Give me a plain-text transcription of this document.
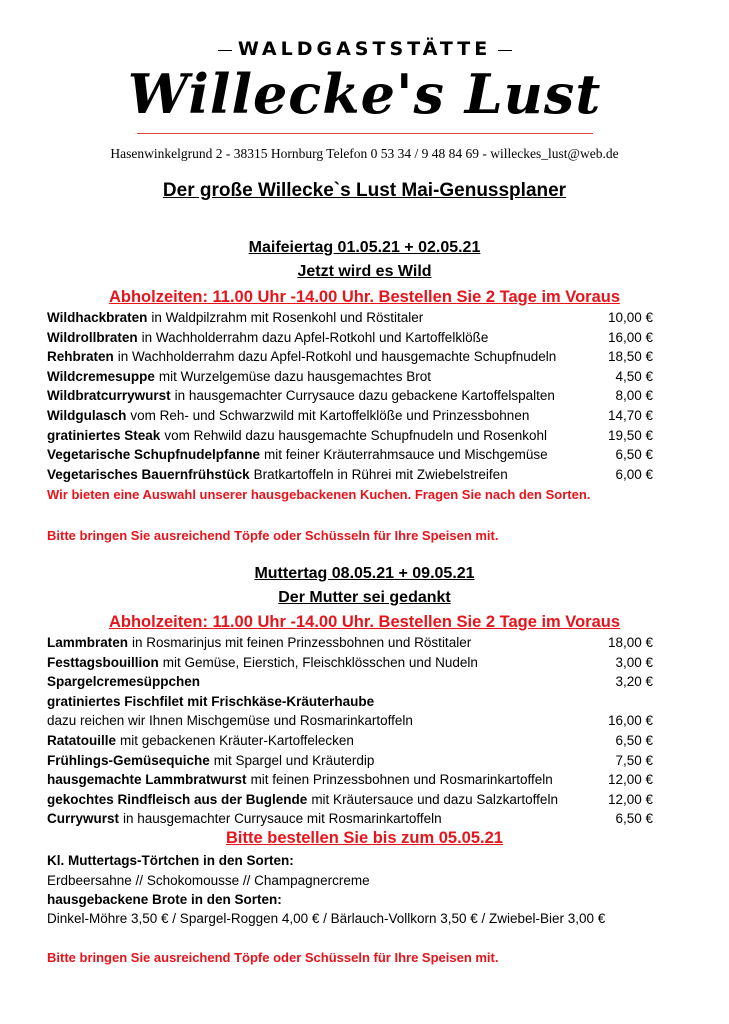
WALDGASTSTÄTTE
Willecke's Lust
Hasenwinkelgrund 2 - 38315 Hornburg Telefon 0 53 34 / 9 48 84 69 - willeckes_lust@web.de
Der große Willecke`s Lust Mai-Genussplaner
Maifeiertag 01.05.21 + 02.05.21
Jetzt wird es Wild
Abholzeiten: 11.00 Uhr -14.00 Uhr. Bestellen Sie 2 Tage im Voraus
Wildhackbraten in Waldpilzrahm mit Rosenkohl und Röstitaler	10,00 €
Wildrollbraten in Wachholderrahm dazu Apfel-Rotkohl und Kartoffelklöße	16,00 €
Rehbraten in Wachholderrahm dazu Apfel-Rotkohl und hausgemachte Schupfnudeln	18,50 €
Wildcremesuppe mit Wurzelgemüse dazu hausgemachtes Brot	4,50 €
Wildbratcurrywurst in hausgemachter Currysauce dazu gebackene Kartoffelspalten	8,00 €
Wildgulasch vom Reh- und Schwarzwild mit Kartoffelklöße und Prinzessbohnen	14,70 €
gratiniertes Steak vom Rehwild dazu hausgemachte Schupfnudeln und Rosenkohl	19,50 €
Vegetarische Schupfnudelpfanne mit feiner Kräuterrahmsauce und Mischgemüse	6,50 €
Vegetarisches Bauernfrühstück Bratkartoffeln in Rührei mit Zwiebelstreifen	6,00 €
Wir bieten eine Auswahl unserer hausgebackenen Kuchen. Fragen Sie nach den Sorten.
Bitte bringen Sie ausreichend Töpfe oder Schüsseln für Ihre Speisen mit.
Muttertag 08.05.21 + 09.05.21
Der Mutter sei gedankt
Abholzeiten: 11.00 Uhr -14.00 Uhr. Bestellen Sie 2 Tage im Voraus
Lammbraten in Rosmarinjus mit feinen Prinzessbohnen und Röstitaler	18,00 €
Festtagsbouillion mit Gemüse, Eierstich, Fleischklösschen und Nudeln	3,00 €
Spargelcremesüppchen	3,20 €
gratiniertes Fischfilet mit Frischkäse-Kräuterhaube
dazu reichen wir Ihnen Mischgemüse und Rosmarinkartoffeln	16,00 €
Ratatouille mit gebackenen Kräuter-Kartoffelecken	6,50 €
Frühlings-Gemüsequiche mit Spargel und Kräuterdip	7,50 €
hausgemachte Lammbratwurst mit feinen Prinzessbohnen und Rosmarinkartoffeln	12,00 €
gekochtes Rindfleisch aus der Buglende mit Kräutersauce und dazu Salzkartoffeln	12,00 €
Currywurst in hausgemachter Currysauce mit Rosmarinkartoffeln	6,50 €
Bitte bestellen Sie bis zum 05.05.21
Kl. Muttertags-Törtchen in den Sorten:
Erdbeersahne // Schokomousse // Champagnercreme
hausgebackene Brote in den Sorten:
Dinkel-Möhre 3,50 € / Spargel-Roggen 4,00 € / Bärlauch-Vollkorn 3,50 € / Zwiebel-Bier 3,00 €
Bitte bringen Sie ausreichend Töpfe oder Schüsseln für Ihre Speisen mit.
